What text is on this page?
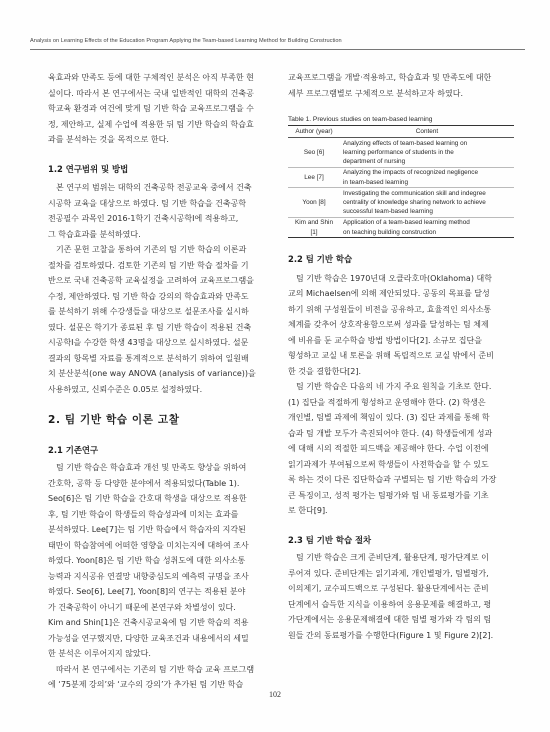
Analysis on Learning Effects of the Education Program Applying the Team-based Learning Method for Building Construction

육효과와 만족도 등에 대한 구체적인 분석은 아직 부족한 현
실이다. 따라서 본 연구에서는 국내 일반적인 대학의 건축공
학교육 환경과 여건에 맞게 팀 기반 학습 교육프로그램을 수
정, 제안하고, 실제 수업에 적용한 뒤 팀 기반 학습의 학습효
과를 분석하는 것을 목적으로 한다.

1.2 연구범위 및 방법

본 연구의 범위는 대학의 건축공학 전공교육 중에서 건축
시공학 교육을 대상으로 하였다. 팀 기반 학습을 건축공학
전공필수 과목인 2016-1학기 건축시공학I에 적용하고,
그 학습효과를 분석하였다.

기존 문헌 고찰을 통하여 기존의 팀 기반 학습의 이론과
절차를 검토하였다. 검토한 기존의 팀 기반 학습 절차를 기
반으로 국내 건축공학 교육실정을 고려하여 교육프로그램을
수정, 제안하였다. 팀 기반 학습 강의의 학습효과와 만족도
를 분석하기 위해 수강생들을 대상으로 설문조사를 실시하
였다. 설문은 학기가 종료된 후 팀 기반 학습이 적용된 건축
시공학I을 수강한 학생 43명을 대상으로 실시하였다. 설문
결과의 항목별 자료를 통계적으로 분석하기 위하여 일원배
치 분산분석(one way ANOVA (analysis of variance))을
사용하였고, 신뢰수준은 0.05로 설정하였다.

2. 팀 기반 학습 이론 고찰

2.1 기존연구

팀 기반 학습은 학습효과 개선 및 만족도 향상을 위하여
간호학, 공학 등 다양한 분야에서 적용되었다(Table 1).
Seo[6]은 팀 기반 학습을 간호대 학생을 대상으로 적용한
후, 팀 기반 학습이 학생들의 학습성과에 미치는 효과를
분석하였다. Lee[7]는 팀 기반 학습에서 학습자의 지각된
태만이 학습참여에 어떠한 영향을 미치는지에 대하여 조사
하였다. Yoon[8]은 팀 기반 학습 성취도에 대한 의사소통
능력과 지식공유 연결망 내향중심도의 예측력 규명을 조사
하였다. Seo[6], Lee[7], Yoon[8]의 연구는 적용된 분야
가 건축공학이 아니기 때문에 본연구와 차별성이 있다.
Kim and Shin[1]은 건축시공교육에 팀 기반 학습의 적용
가능성을 연구했지만, 다양한 교육조건과 내용에서의 세밀
한 분석은 이루어지지 않았다.

따라서 본 연구에서는 기존의 팀 기반 학습 교육 프로그램
에 ‘75분제 강의’와 ‘교수의 강의’가 추가된 팀 기반 학습

교육프로그램을 개발·적용하고, 학습효과 및 만족도에 대한
세부 프로그램별로 구체적으로 분석하고자 하였다.

Table 1. Previous studies on team-based learning

Author (year)	Content
Seo [6]	Analyzing effects of team-based learning on
learning performance of students in the
department of nursing

Lee [7]	Analyzing the impacts of recognized negligence
in team-based learning

Yoon [8]	Investigating the communication skill and indegree
centrality of knowledge sharing network to achieve
successful team-based learning

Kim and Shin [1]	Application of a team-based learning method
on teaching building construction

2.2 팀 기반 학습

팀 기반 학습은 1970년대 오클라호마(Oklahoma) 대학
교의 Michaelsen에 의해 제안되었다. 공동의 목표를 달성
하기 위해 구성원들이 비전을 공유하고, 효율적인 의사소통
체계를 갖추어 상호작용함으로써 성과를 달성하는 팀 체제
에 비유를 둔 교수학습 방법 방법이다[2]. 소규모 집단을
형성하고 교실 내 토론을 위해 독립적으로 교실 밖에서 준비
한 것을 결합한다[2].

팀 기반 학습은 다음의 네 가지 주요 원칙을 기초로 한다.
(1) 집단을 적절하게 형성하고 운영해야 한다. (2) 학생은
개인별, 팀별 과제에 책임이 있다. (3) 집단 과제를 통해 학
습과 팀 개발 모두가 촉진되어야 한다. (4) 학생들에게 성과
에 대해 시의 적절한 피드백을 제공해야 한다. 수업 이전에
읽기과제가 부여됨으로써 학생들이 사전학습을 할 수 있도
록 하는 것이 다른 집단학습과 구별되는 팀 기반 학습의 가장
큰 특징이고, 성적 평가는 팀평가와 팀 내 동료평가를 기초
로 한다[9].

2.3 팀 기반 학습 절차

팀 기반 학습은 크게 준비단계, 활용단계, 평가단계로 이
루어져 있다. 준비단계는 읽기과제, 개인별평가, 팀별평가,
이의제기, 교수피드백으로 구성된다. 활용단계에서는 준비
단계에서 습득한 지식을 이용하여 응용문제를 해결하고, 평
가단계에서는 응용문제해결에 대한 팀별 평가와 각 팀의 팀
원들 간의 동료평가를 수행한다(Figure 1 및 Figure 2)[2].

102
